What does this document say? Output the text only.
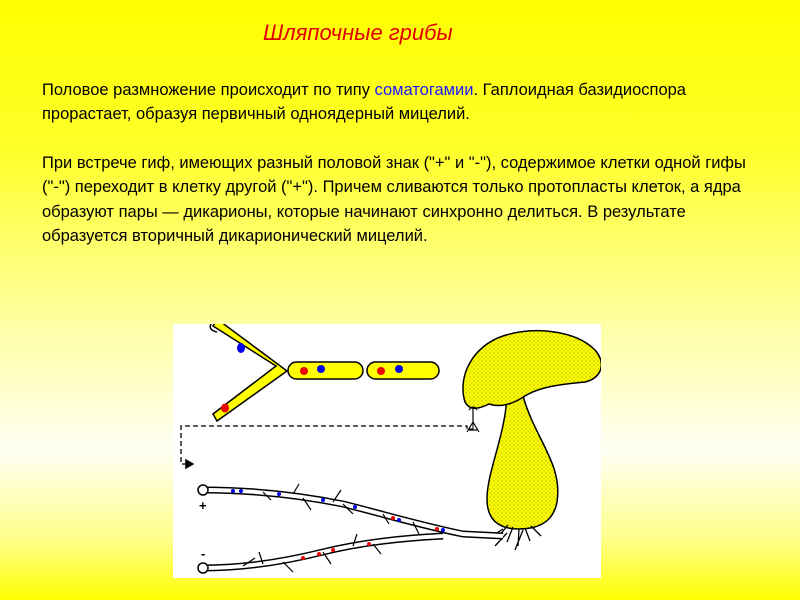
Шляпочные грибы
Половое размножение происходит по типу соматогамии. Гаплоидная базидиоспора прорастает, образуя первичный одноядерный мицелий.
При встрече гиф, имеющих разный половой знак ("+" и "-"), содержимое клетки одной гифы ("-") переходит в клетку другой ("+"). Причем сливаются только протопласты клеток, а ядра образуют пары — дикарионы, которые начинают синхронно делиться. В результате образуется вторичный дикарионический мицелий.
+
-
